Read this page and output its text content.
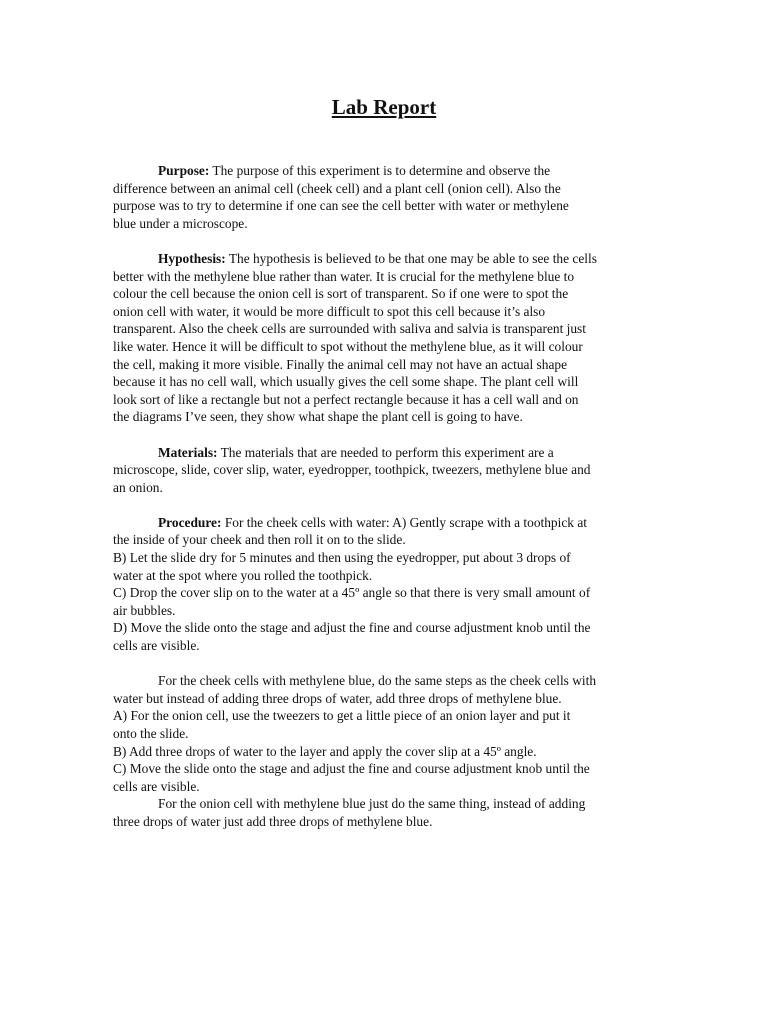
Lab Report
Purpose: The purpose of this experiment is to determine and observe the
difference between an animal cell (cheek cell) and a plant cell (onion cell). Also the
purpose was to try to determine if one can see the cell better with water or methylene
blue under a microscope.
Hypothesis: The hypothesis is believed to be that one may be able to see the cells
better with the methylene blue rather than water. It is crucial for the methylene blue to
colour the cell because the onion cell is sort of transparent. So if one were to spot the
onion cell with water, it would be more difficult to spot this cell because it’s also
transparent. Also the cheek cells are surrounded with saliva and salvia is transparent just
like water. Hence it will be difficult to spot without the methylene blue, as it will colour
the cell, making it more visible. Finally the animal cell may not have an actual shape
because it has no cell wall, which usually gives the cell some shape. The plant cell will
look sort of like a rectangle but not a perfect rectangle because it has a cell wall and on
the diagrams I’ve seen, they show what shape the plant cell is going to have.
Materials: The materials that are needed to perform this experiment are a
microscope, slide, cover slip, water, eyedropper, toothpick, tweezers, methylene blue and
an onion.
Procedure: For the cheek cells with water: A) Gently scrape with a toothpick at
the inside of your cheek and then roll it on to the slide.
B) Let the slide dry for 5 minutes and then using the eyedropper, put about 3 drops of
water at the spot where you rolled the toothpick.
C) Drop the cover slip on to the water at a 45º angle so that there is very small amount of
air bubbles.
D) Move the slide onto the stage and adjust the fine and course adjustment knob until the
cells are visible.
For the cheek cells with methylene blue, do the same steps as the cheek cells with
water but instead of adding three drops of water, add three drops of methylene blue.
A) For the onion cell, use the tweezers to get a little piece of an onion layer and put it
onto the slide.
B) Add three drops of water to the layer and apply the cover slip at a 45º angle.
C) Move the slide onto the stage and adjust the fine and course adjustment knob until the
cells are visible.
For the onion cell with methylene blue just do the same thing, instead of adding
three drops of water just add three drops of methylene blue.
